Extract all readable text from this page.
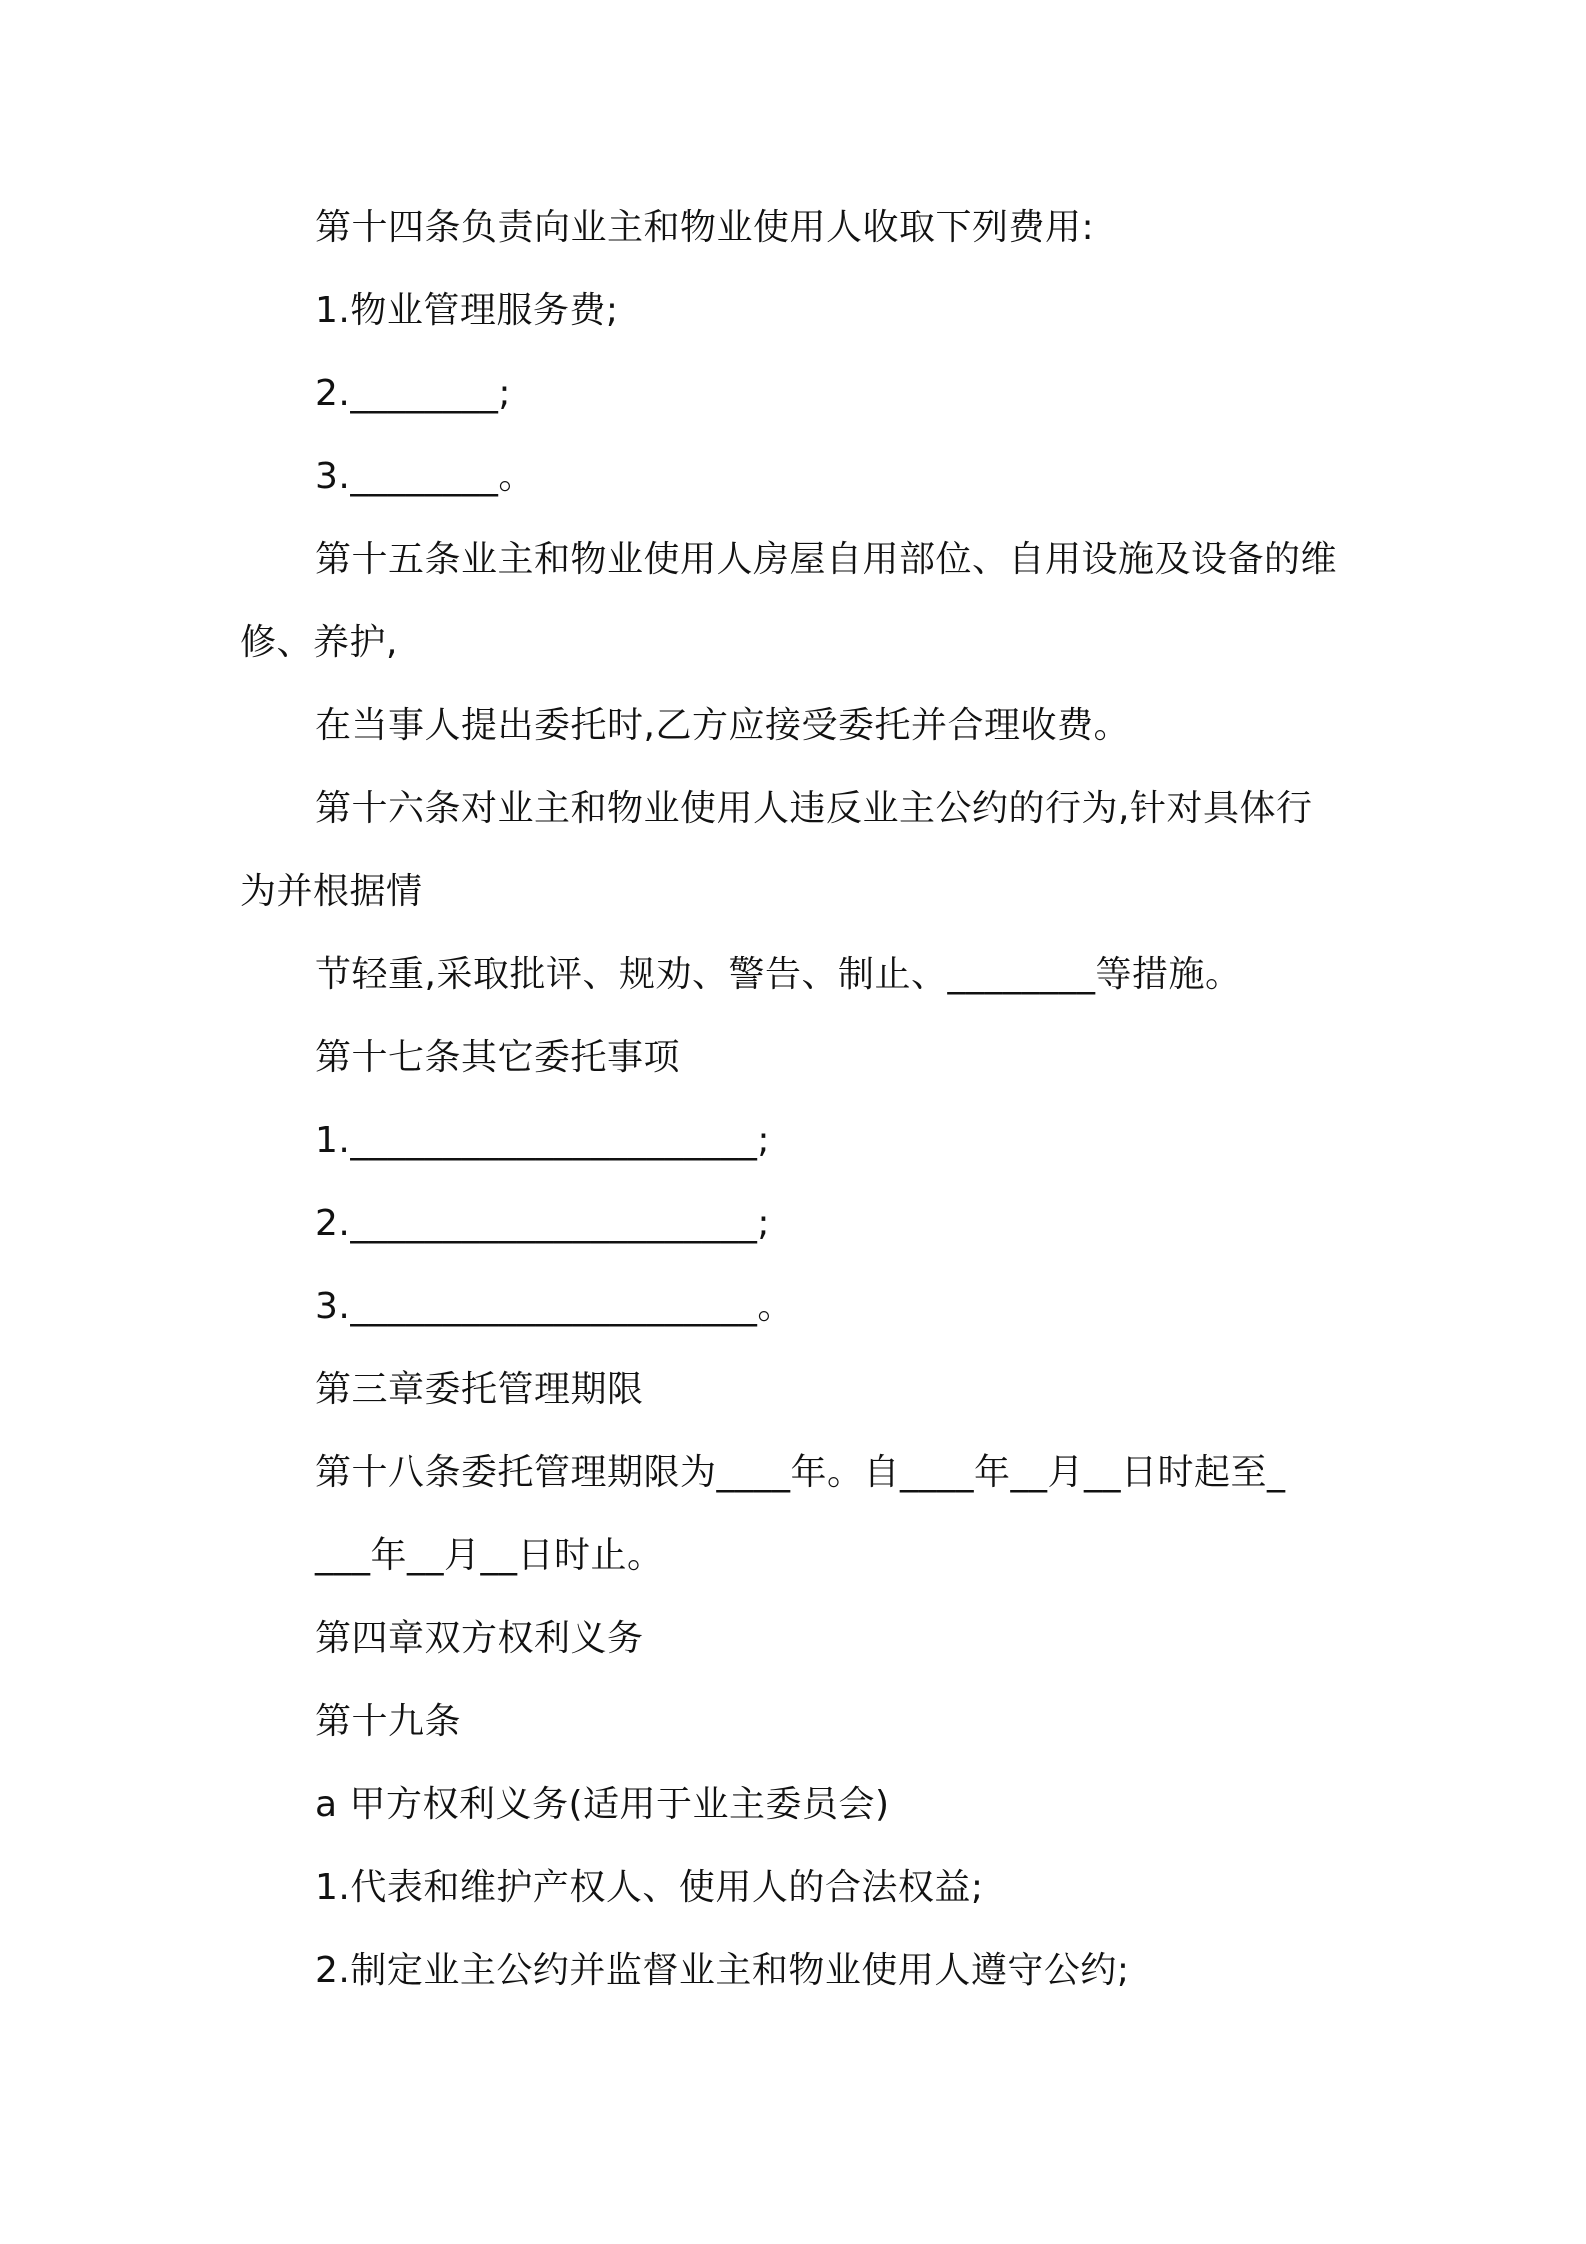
第十四条负责向业主和物业使用人收取下列费用:
1.物业管理服务费;
2.________;
3.________。
第十五条业主和物业使用人房屋自用部位、自用设施及设备的维
修、养护,
在当事人提出委托时,乙方应接受委托并合理收费。
第十六条对业主和物业使用人违反业主公约的行为,针对具体行
为并根据情
节轻重,采取批评、规劝、警告、制止、________等措施。
第十七条其它委托事项
1.______________________;
2.______________________;
3.______________________。
第三章委托管理期限
第十八条委托管理期限为____年。自____年__月__日时起至_
___年__月__日时止。
第四章双方权利义务
第十九条
a 甲方权利义务(适用于业主委员会)
1.代表和维护产权人、使用人的合法权益;
2.制定业主公约并监督业主和物业使用人遵守公约;
